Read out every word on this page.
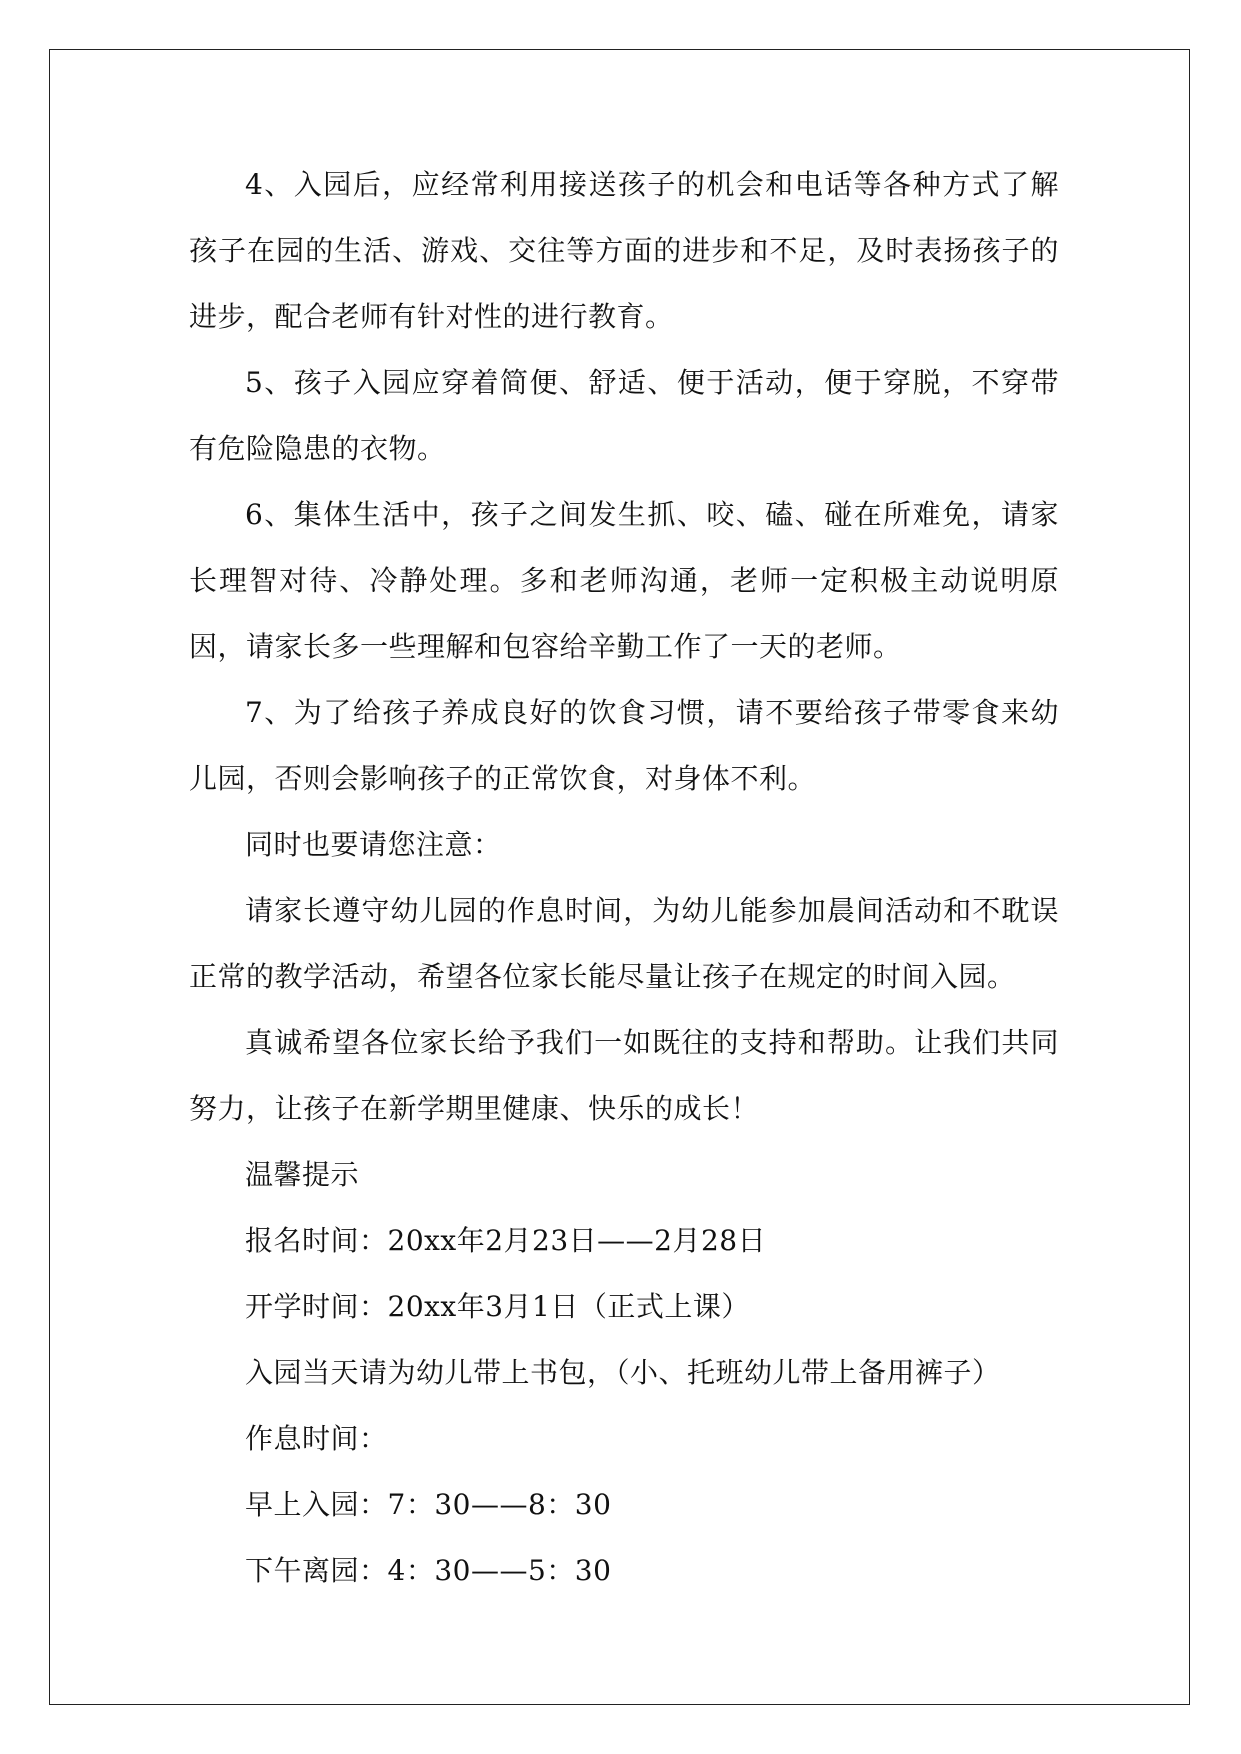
4、入园后，应经常利用接送孩子的机会和电话等各种方式了解孩子在园的生活、游戏、交往等方面的进步和不足，及时表扬孩子的进步，配合老师有针对性的进行教育。

5、孩子入园应穿着简便、舒适、便于活动，便于穿脱，不穿带有危险隐患的衣物。

6、集体生活中，孩子之间发生抓、咬、磕、碰在所难免，请家长理智对待、冷静处理。多和老师沟通，老师一定积极主动说明原因，请家长多一些理解和包容给辛勤工作了一天的老师。

7、为了给孩子养成良好的饮食习惯，请不要给孩子带零食来幼儿园，否则会影响孩子的正常饮食，对身体不利。

同时也要请您注意：

请家长遵守幼儿园的作息时间，为幼儿能参加晨间活动和不耽误正常的教学活动，希望各位家长能尽量让孩子在规定的时间入园。

真诚希望各位家长给予我们一如既往的支持和帮助。让我们共同努力，让孩子在新学期里健康、快乐的成长！

温馨提示

报名时间：20xx年2月23日——2月28日

开学时间：20xx年3月1日（正式上课）

入园当天请为幼儿带上书包，（小、托班幼儿带上备用裤子）

作息时间：

早上入园：7：30——8：30

下午离园：4：30——5：30
